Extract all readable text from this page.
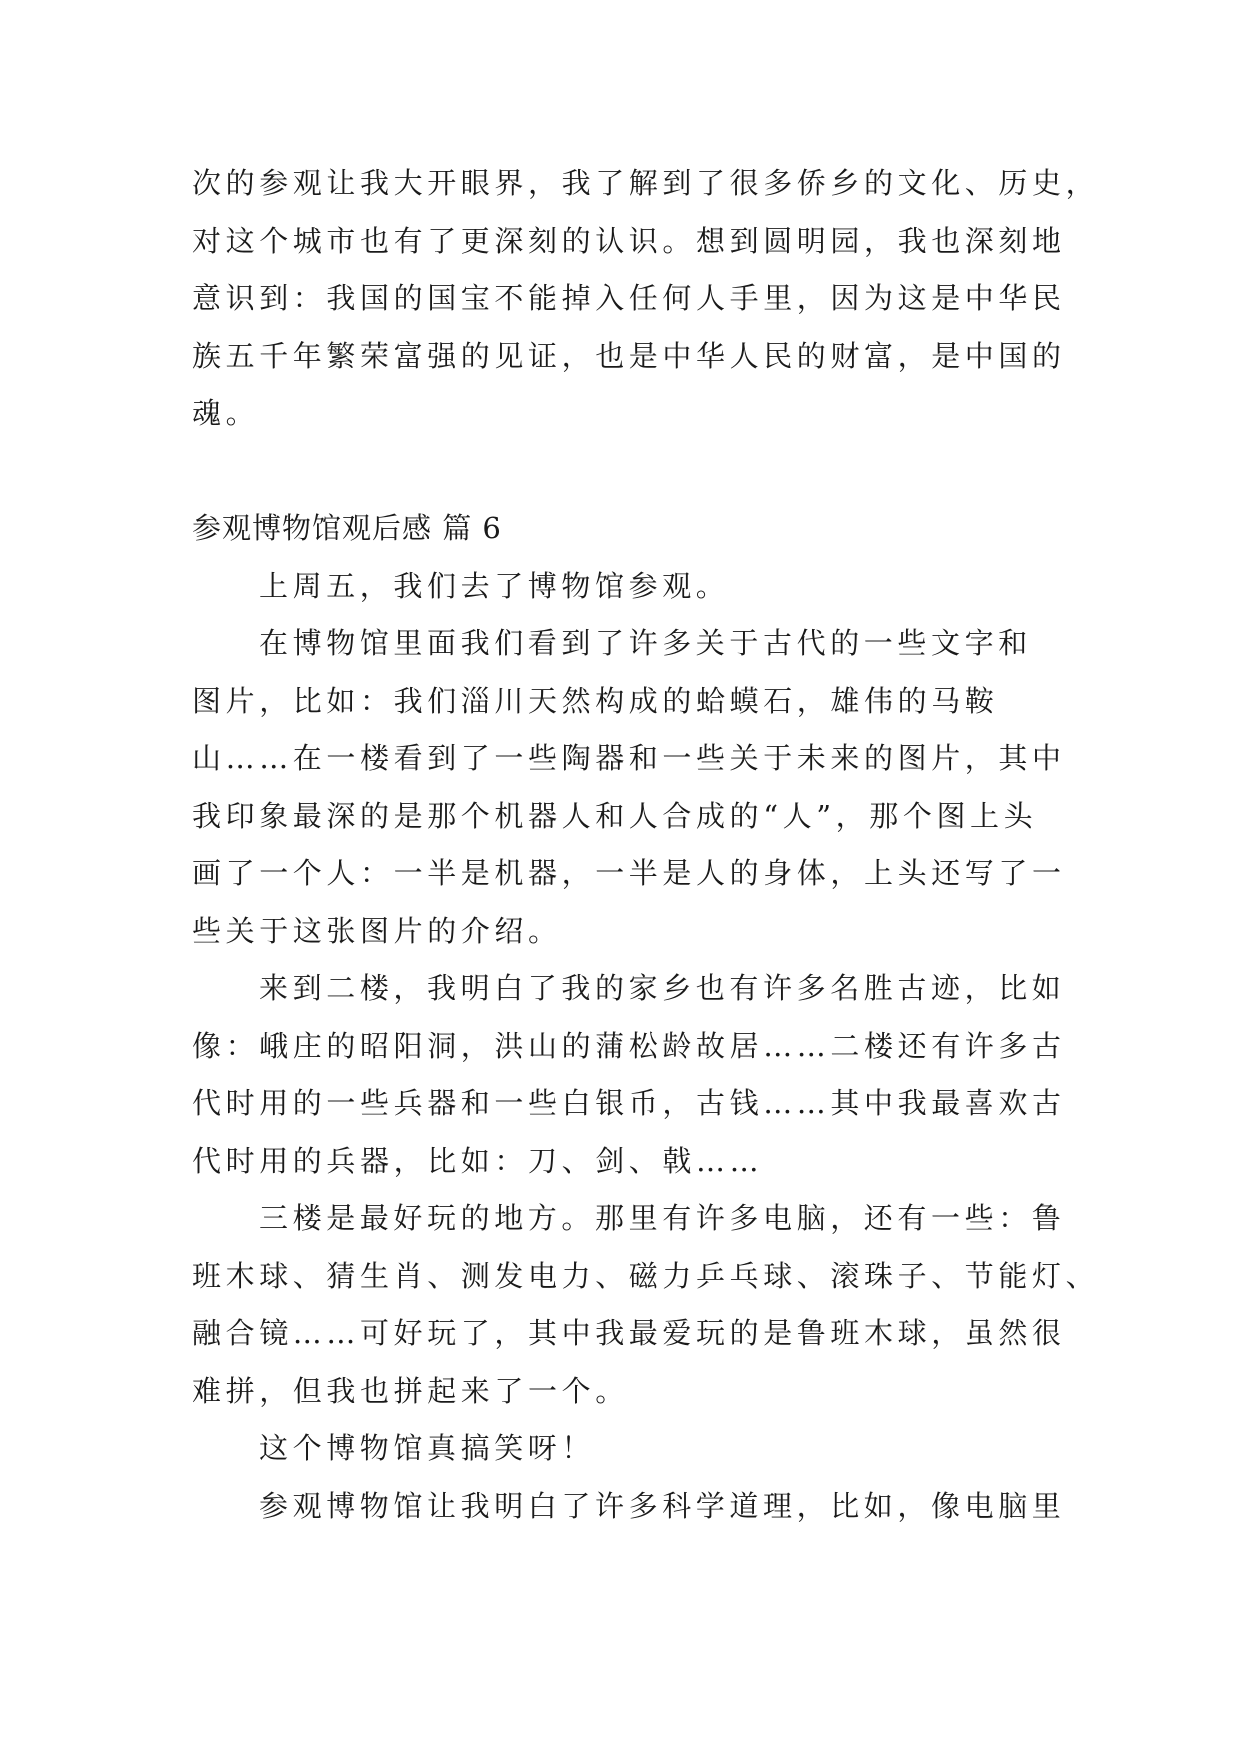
次的参观让我大开眼界，我了解到了很多侨乡的文化、历史，
对这个城市也有了更深刻的认识。想到圆明园，我也深刻地
意识到：我国的国宝不能掉入任何人手里，因为这是中华民
族五千年繁荣富强的见证，也是中华人民的财富，是中国的
魂。
参观博物馆观后感 篇 6
上周五，我们去了博物馆参观。
在博物馆里面我们看到了许多关于古代的一些文字和
图片，比如：我们淄川天然构成的蛤蟆石，雄伟的马鞍
山……在一楼看到了一些陶器和一些关于未来的图片，其中
我印象最深的是那个机器人和人合成的“人”，那个图上头
画了一个人：一半是机器，一半是人的身体，上头还写了一
些关于这张图片的介绍。
来到二楼，我明白了我的家乡也有许多名胜古迹，比如
像：峨庄的昭阳洞，洪山的蒲松龄故居……二楼还有许多古
代时用的一些兵器和一些白银币，古钱……其中我最喜欢古
代时用的兵器，比如：刀、剑、戟……
三楼是最好玩的地方。那里有许多电脑，还有一些：鲁
班木球、猜生肖、测发电力、磁力乒乓球、滚珠子、节能灯、
融合镜……可好玩了，其中我最爱玩的是鲁班木球，虽然很
难拼，但我也拼起来了一个。
这个博物馆真搞笑呀！
参观博物馆让我明白了许多科学道理，比如，像电脑里
